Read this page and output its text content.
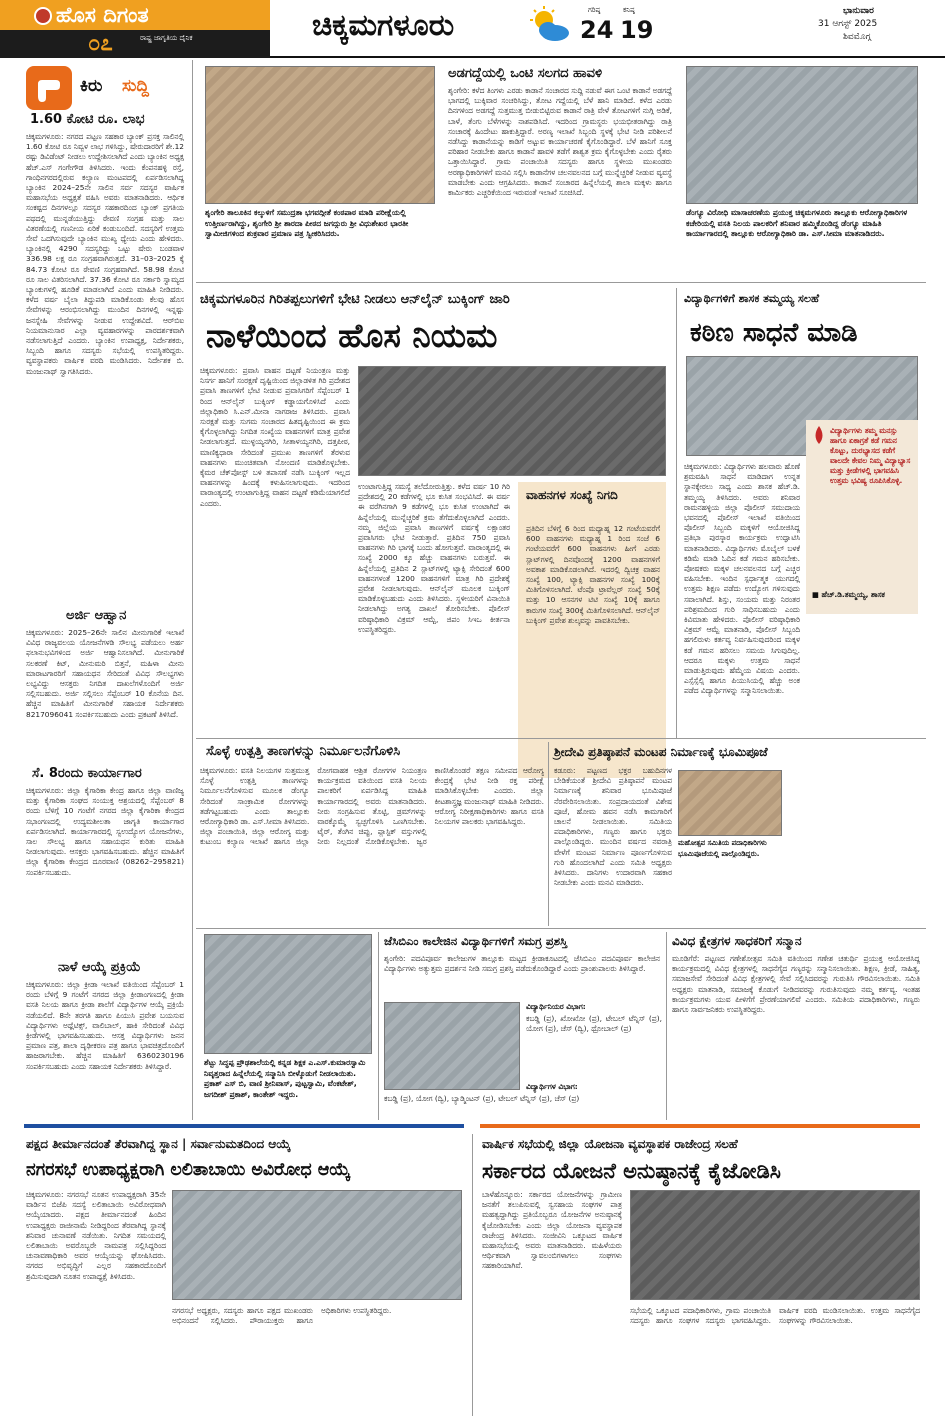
ಹೊಸ ದಿಗಂತ
ರಾಷ್ಟ್ರ ಜಾಗೃತಿಯ ದೈನಿಕ
೦೭
ಚಿಕ್ಕಮಗಳೂರು	ಗರಿಷ್ಠ
24
ಕನಿಷ್ಠ
19
ಭಾನುವಾರ
31 ಆಗಸ್ಟ್ 2025
ಶಿವಮೊಗ್ಗ
ಕಿರು ಸುದ್ದಿ
1.60 ಕೋಟಿ ರೂ. ಲಾಭ
ಚಿಕ್ಕಮಗಳೂರು: ನಗರದ ಪಟ್ಟಣ ಸಹಕಾರ ಬ್ಯಾಂಕ್ ಪ್ರಸಕ್ತ ಸಾಲಿನಲ್ಲಿ 1.60 ಕೋಟಿ ರೂ ನಿವ್ವಳ ಲಾಭ ಗಳಿಸಿದ್ದು, ಷೇರುದಾರರಿಗೆ ಶೇ.12 ರಷ್ಟು ಡಿವಿಡೆಂಟ್ ನೀಡಲು ಉದ್ದೇಶಿಸಲಾಗಿದೆ ಎಂದು ಬ್ಯಾಂಕಿನ ಅಧ್ಯಕ್ಷ ಹೆಚ್.ಎಸ್ ಗಂಗೇಗೌಡ ತಿಳಿಸಿದರು. ಇಂದು ಕೆಂಪನಹಳ್ಳಿ ರಸ್ತೆ, ಗಾಂಧಿನಗರದಲ್ಲಿರುವ ಕಲ್ಯಾಣ ಮಂಟಪದಲ್ಲಿ ಏರ್ಪಡಿಸಲಾಗಿದ್ದ ಬ್ಯಾಂಕಿನ 2024–25ನೇ ಸಾಲಿನ ಸರ್ವ ಸದಸ್ಯರ ವಾರ್ಷಿಕ ಮಹಾಸಭೆಯ ಅಧ್ಯಕ್ಷತೆ ವಹಿಸಿ ಅವರು ಮಾತನಾಡಿದರು. ಆರ್ಥಿಕ ಸಂಕಷ್ಟದ ದಿನಗಳಲ್ಲೂ ಸದಸ್ಯರ ಸಹಕಾರದಿಂದ ಬ್ಯಾಂಕ್ ಪ್ರಗತಿಯ ಪಥದಲ್ಲಿ ಮುನ್ನಡೆಯುತ್ತಿದ್ದು ಠೇವಣಿ ಸಂಗ್ರಹ ಮತ್ತು ಸಾಲ ವಿತರಣೆಯಲ್ಲಿ ಗಣನೀಯ ಏರಿಕೆ ಕಂಡುಬಂದಿದೆ. ಸದಸ್ಯರಿಗೆ ಉತ್ತಮ ಸೇವೆ ಒದಗಿಸುವುದೇ ಬ್ಯಾಂಕಿನ ಮುಖ್ಯ ಧ್ಯೇಯ ಎಂದು ಹೇಳಿದರು. ಬ್ಯಾಂಕಿನಲ್ಲಿ 4290 ಸದಸ್ಯರಿದ್ದು ಒಟ್ಟು ಷೇರು ಬಂಡವಾಳ 336.98 ಲಕ್ಷ ರೂ ಸಂಗ್ರಹವಾಗಿರುತ್ತದೆ. 31–03–2025 ಕ್ಕೆ 84.73 ಕೋಟಿ ರೂ ಠೇವಣಿ ಸಂಗ್ರಹವಾಗಿದೆ. 58.98 ಕೋಟಿ ರೂ ಸಾಲ ವಿತರಿಸಲಾಗಿದೆ. 37.36 ಕೋಟಿ ರೂ ಸರ್ಕಾರಿ ಸ್ವಾಮ್ಯದ ಬ್ಯಾಂಕುಗಳಲ್ಲಿ ಹೂಡಿಕೆ ಮಾಡಲಾಗಿದೆ ಎಂದು ಮಾಹಿತಿ ನೀಡಿದರು. ಕಳೆದ ವರ್ಷ ಬೈಲಾ ತಿದ್ದುಪಡಿ ಮಾಡಿಕೊಂಡು ಕೆಲವು ಹೊಸ ಸೇವೆಗಳನ್ನು ಆರಂಭಿಸಲಾಗಿದ್ದು ಮುಂದಿನ ದಿನಗಳಲ್ಲಿ ಇನ್ನಷ್ಟು ಜನಸ್ನೇಹಿ ಸೇವೆಗಳನ್ನು ನೀಡುವ ಉದ್ದೇಶವಿದೆ. ಆರ್‌ಬಿಐ ನಿಯಮಾನುಸಾರ ಎಲ್ಲಾ ವ್ಯವಹಾರಗಳನ್ನು ಪಾರದರ್ಶಕವಾಗಿ ನಡೆಸಲಾಗುತ್ತಿದೆ ಎಂದರು. ಬ್ಯಾಂಕಿನ ಉಪಾಧ್ಯಕ್ಷ, ನಿರ್ದೇಶಕರು, ಸಿಬ್ಬಂದಿ ಹಾಗೂ ಸದಸ್ಯರು ಸಭೆಯಲ್ಲಿ ಉಪಸ್ಥಿತರಿದ್ದರು. ವ್ಯವಸ್ಥಾಪಕರು ವಾರ್ಷಿಕ ವರದಿ ಮಂಡಿಸಿದರು. ನಿರ್ದೇಶಕ ಬಿ. ಮಂಜುನಾಥ್ ಸ್ವಾಗತಿಸಿದರು.
ಅರ್ಜಿ ಆಹ್ವಾನ
ಚಿಕ್ಕಮಗಳೂರು: 2025–26ನೇ ಸಾಲಿನ ಮೀನುಗಾರಿಕೆ ಇಲಾಖೆ ವಿವಿಧ ರಾಜ್ಯವಲಯ ಯೋಜನೆಗಳಡಿ ಸೌಲಭ್ಯ ಪಡೆಯಲು ಅರ್ಹ ಫಲಾನುಭವಿಗಳಿಂದ ಅರ್ಜಿ ಆಹ್ವಾನಿಸಲಾಗಿದೆ. ಮೀನುಗಾರಿಕೆ ಸಲಕರಣೆ ಕಿಟ್, ಮೀನುಮರಿ ಬಿತ್ತನೆ, ಮಹಿಳಾ ಮೀನು ಮಾರಾಟಗಾರರಿಗೆ ಸಹಾಯಧನ ಸೇರಿದಂತೆ ವಿವಿಧ ಸೌಲಭ್ಯಗಳು ಲಭ್ಯವಿದ್ದು ಆಸಕ್ತರು ನಿಗದಿತ ದಾಖಲೆಗಳೊಂದಿಗೆ ಅರ್ಜಿ ಸಲ್ಲಿಸಬಹುದು. ಅರ್ಜಿ ಸಲ್ಲಿಸಲು ಸೆಪ್ಟೆಂಬರ್ 10 ಕೊನೆಯ ದಿನ. ಹೆಚ್ಚಿನ ಮಾಹಿತಿಗೆ ಮೀನುಗಾರಿಕೆ ಸಹಾಯಕ ನಿರ್ದೇಶಕರು 8217096041 ಸಂಪರ್ಕಿಸಬಹುದು ಎಂದು ಪ್ರಕಟಣೆ ತಿಳಿಸಿದೆ.
ಸೆ. 8ರಂದು ಕಾರ್ಯಾಗಾರ
ಚಿಕ್ಕಮಗಳೂರು: ಜಿಲ್ಲಾ ಕೈಗಾರಿಕಾ ಕೇಂದ್ರ ಹಾಗೂ ಜಿಲ್ಲಾ ವಾಣಿಜ್ಯ ಮತ್ತು ಕೈಗಾರಿಕಾ ಸಂಘದ ಸಂಯುಕ್ತ ಆಶ್ರಯದಲ್ಲಿ ಸೆಪ್ಟೆಂಬರ್ 8 ರಂದು ಬೆಳಿಗ್ಗೆ 10 ಗಂಟೆಗೆ ನಗರದ ಜಿಲ್ಲಾ ಕೈಗಾರಿಕಾ ಕೇಂದ್ರದ ಸಭಾಂಗಣದಲ್ಲಿ ಉದ್ಯಮಶೀಲತಾ ಜಾಗೃತಿ ಕಾರ್ಯಾಗಾರ ಏರ್ಪಡಿಸಲಾಗಿದೆ. ಕಾರ್ಯಾಗಾರದಲ್ಲಿ ಸ್ವಉದ್ಯೋಗ ಯೋಜನೆಗಳು, ಸಾಲ ಸೌಲಭ್ಯ ಹಾಗೂ ಸಹಾಯಧನ ಕುರಿತು ಮಾಹಿತಿ ನೀಡಲಾಗುವುದು. ಆಸಕ್ತರು ಭಾಗವಹಿಸಬಹುದು. ಹೆಚ್ಚಿನ ಮಾಹಿತಿಗೆ ಜಿಲ್ಲಾ ಕೈಗಾರಿಕಾ ಕೇಂದ್ರದ ದೂರವಾಣಿ (08262–295821) ಸಂಪರ್ಕಿಸಬಹುದು.
ನಾಳೆ ಆಯ್ಕೆ ಪ್ರಕ್ರಿಯೆ
ಚಿಕ್ಕಮಗಳೂರು: ಜಿಲ್ಲಾ ಕ್ರೀಡಾ ಇಲಾಖೆ ವತಿಯಿಂದ ಸೆಪ್ಟೆಂಬರ್ 1 ರಂದು ಬೆಳಿಗ್ಗೆ 9 ಗಂಟೆಗೆ ನಗರದ ಜಿಲ್ಲಾ ಕ್ರೀಡಾಂಗಣದಲ್ಲಿ ಕ್ರೀಡಾ ವಸತಿ ನಿಲಯ ಹಾಗೂ ಕ್ರೀಡಾ ಶಾಲೆಗೆ ವಿದ್ಯಾರ್ಥಿಗಳ ಆಯ್ಕೆ ಪ್ರಕ್ರಿಯೆ ನಡೆಯಲಿದೆ. 8ನೇ ತರಗತಿ ಹಾಗೂ ಪಿಯುಸಿ ಪ್ರವೇಶ ಬಯಸುವ ವಿದ್ಯಾರ್ಥಿಗಳು ಅಥ್ಲೆಟಿಕ್ಸ್, ವಾಲಿಬಾಲ್, ಹಾಕಿ ಸೇರಿದಂತೆ ವಿವಿಧ ಕ್ರೀಡೆಗಳಲ್ಲಿ ಭಾಗವಹಿಸಬಹುದು. ಆಸಕ್ತ ವಿದ್ಯಾರ್ಥಿಗಳು ಜನನ ಪ್ರಮಾಣ ಪತ್ರ, ಶಾಲಾ ದೃಢೀಕರಣ ಪತ್ರ ಹಾಗೂ ಭಾವಚಿತ್ರದೊಂದಿಗೆ ಹಾಜರಾಗಬೇಕು. ಹೆಚ್ಚಿನ ಮಾಹಿತಿಗೆ 6360230196 ಸಂಪರ್ಕಿಸಬಹುದು ಎಂದು ಸಹಾಯಕ ನಿರ್ದೇಶಕರು ತಿಳಿಸಿದ್ದಾರೆ.
ಶೃಂಗೇರಿ ತಾಲೂಕಿನ ಕಲ್ಕುಳಿಗೆ ಸಮುದ್ರತಾ ಭಗವದ್ಗೀತೆ ಕಂಠಪಾಠ ಮಾಡಿ ಪರೀಕ್ಷೆಯಲ್ಲಿ ಉತ್ತೀರ್ಣರಾಗಿದ್ದು, ಶೃಂಗೇರಿ ಶ್ರೀ ಶಾರದಾ ಪೀಠದ ಜಗದ್ಗುರು ಶ್ರೀ ವಿಧುಶೇಖರ ಭಾರತೀ ಸ್ವಾಮೀಜಿಗಳಿಂದ ಶುಕ್ರವಾರ ಪ್ರಮಾಣ ಪತ್ರ ಸ್ವೀಕರಿಸಿದರು.
ಅಡಗದ್ದೆಯಲ್ಲಿ ಒಂಟಿ ಸಲಗದ ಹಾವಳಿ
ಶೃಂಗೇರಿ: ಕಳೆದ ತಿಂಗಳು ಎರಡು ಕಾಡಾನೆ ಸಂಚಾರದ ಸುದ್ದಿ ನಡುವೆ ಈಗ ಒಂಟಿ ಕಾಡಾನೆ ಅಡಗದ್ದೆ ಭಾಗದಲ್ಲಿ ಬುಕ್ಕಿವಾರ ಸಂಚರಿಸಿದ್ದು, ತೋಟ ಗದ್ದೆಯಲ್ಲಿ ಬೆಳೆ ಹಾನಿ ಮಾಡಿದೆ. ಕಳೆದ ಎರಡು ದಿನಗಳಿಂದ ಅಡಗದ್ದೆ ಸುತ್ತಮುತ್ತ ಬೀಡುಬಿಟ್ಟಿರುವ ಕಾಡಾನೆ ರಾತ್ರಿ ವೇಳೆ ತೋಟಗಳಿಗೆ ನುಗ್ಗಿ ಅಡಿಕೆ, ಬಾಳೆ, ತೆಂಗು ಬೆಳೆಗಳನ್ನು ನಾಶಪಡಿಸಿದೆ. ಇದರಿಂದ ಗ್ರಾಮಸ್ಥರು ಭಯಭೀತರಾಗಿದ್ದು ರಾತ್ರಿ ಸಂಚಾರಕ್ಕೆ ಹಿಂದೇಟು ಹಾಕುತ್ತಿದ್ದಾರೆ. ಅರಣ್ಯ ಇಲಾಖೆ ಸಿಬ್ಬಂದಿ ಸ್ಥಳಕ್ಕೆ ಭೇಟಿ ನೀಡಿ ಪರಿಶೀಲನೆ ನಡೆಸಿದ್ದು ಕಾಡಾನೆಯನ್ನು ಕಾಡಿಗೆ ಅಟ್ಟುವ ಕಾರ್ಯಾಚರಣೆ ಕೈಗೊಂಡಿದ್ದಾರೆ. ಬೆಳೆ ಹಾನಿಗೆ ಸೂಕ್ತ ಪರಿಹಾರ ನೀಡಬೇಕು ಹಾಗೂ ಕಾಡಾನೆ ಹಾವಳಿ ತಡೆಗೆ ಶಾಶ್ವತ ಕ್ರಮ ಕೈಗೊಳ್ಳಬೇಕು ಎಂದು ರೈತರು ಒತ್ತಾಯಿಸಿದ್ದಾರೆ. ಗ್ರಾಮ ಪಂಚಾಯಿತಿ ಸದಸ್ಯರು ಹಾಗೂ ಸ್ಥಳೀಯ ಮುಖಂಡರು ಅರಣ್ಯಾಧಿಕಾರಿಗಳಿಗೆ ಮನವಿ ಸಲ್ಲಿಸಿ ಕಾಡಾನೆಗಳ ಚಲನವಲನದ ಬಗ್ಗೆ ಮುನ್ನೆಚ್ಚರಿಕೆ ನೀಡುವ ವ್ಯವಸ್ಥೆ ಮಾಡಬೇಕು ಎಂದು ಆಗ್ರಹಿಸಿದರು. ಕಾಡಾನೆ ಸಂಚಾರದ ಹಿನ್ನೆಲೆಯಲ್ಲಿ ಶಾಲಾ ಮಕ್ಕಳು ಹಾಗೂ ಕಾರ್ಮಿಕರು ಎಚ್ಚರಿಕೆಯಿಂದ ಇರುವಂತೆ ಇಲಾಖೆ ಸೂಚಿಸಿದೆ.
ಡೆಂಗ್ಯೂ ವಿರೋಧಿ ಮಾಸಾಚರಣೆಯ ಪ್ರಯುಕ್ತ ಚಿಕ್ಕಮಗಳೂರು ತಾಲ್ಲೂಕು ಆರೋಗ್ಯಾಧಿಕಾರಿಗಳ ಕಚೇರಿಯಲ್ಲಿ ವಸತಿ ನಿಲಯ ಪಾಲಕರಿಗೆ ಶನಿವಾರ ಹಮ್ಮಿಕೊಂಡಿದ್ದ ಡೆಂಗ್ಯೂ ಮಾಹಿತಿ ಕಾರ್ಯಾಗಾರದಲ್ಲಿ ತಾಲ್ಲೂಕು ಆರೋಗ್ಯಾಧಿಕಾರಿ ಡಾ. ಎಸ್.ಸೀಮಾ ಮಾತನಾಡಿದರು.
ಚಿಕ್ಕಮಗಳೂರಿನ ಗಿರಿತಪ್ಪಲುಗಳಿಗೆ ಭೇಟಿ ನೀಡಲು ಆನ್‌ಲೈನ್ ಬುಕ್ಕಿಂಗ್ ಜಾರಿ
ನಾಳೆಯಿಂದ ಹೊಸ ನಿಯಮ
ಚಿಕ್ಕಮಗಳೂರು: ಪ್ರವಾಸಿ ವಾಹನ ದಟ್ಟಣೆ ನಿಯಂತ್ರಣ ಮತ್ತು ನಿಸರ್ಗ ಹಾನಿಗೆ ಸಂರಕ್ಷಣೆ ದೃಷ್ಟಿಯಿಂದ ಜಿಲ್ಲಾಡಳಿತ ಗಿರಿ ಪ್ರದೇಶದ ಪ್ರವಾಸಿ ತಾಣಗಳಿಗೆ ಭೇಟಿ ನೀಡುವ ಪ್ರವಾಸಿಗರಿಗೆ ಸೆಪ್ಟೆಂಬರ್ 1 ರಿಂದ ಆನ್‌ಲೈನ್ ಬುಕ್ಕಿಂಗ್ ಕಡ್ಡಾಯಗೊಳಿಸಿದೆ ಎಂದು ಜಿಲ್ಲಾಧಿಕಾರಿ ಸಿ.ಎನ್.ಮೀನಾ ನಾಗರಾಜ ತಿಳಿಸಿದರು. ಪ್ರವಾಸಿ ಸುರಕ್ಷತೆ ಮತ್ತು ಸುಗಮ ಸಂಚಾರದ ಹಿತದೃಷ್ಟಿಯಿಂದ ಈ ಕ್ರಮ ಕೈಗೊಳ್ಳಲಾಗಿದ್ದು ನಿಗದಿತ ಸಂಖ್ಯೆಯ ವಾಹನಗಳಿಗೆ ಮಾತ್ರ ಪ್ರವೇಶ ನೀಡಲಾಗುತ್ತದೆ. ಮುಳ್ಳಯ್ಯನಗಿರಿ, ಸೀತಾಳಯ್ಯನಗಿರಿ, ದತ್ತಪೀಠ, ಮಾಣಿಕ್ಯಧಾರಾ ಸೇರಿದಂತೆ ಪ್ರಮುಖ ತಾಣಗಳಿಗೆ ತೆರಳುವ ವಾಹನಗಳು ಮುಂಚಿತವಾಗಿ ನೋಂದಣಿ ಮಾಡಿಕೊಳ್ಳಬೇಕು. ಕೈಮರ ಚೆಕ್‌ಪೋಸ್ಟ್ ಬಳಿ ತಪಾಸಣೆ ನಡೆಸಿ ಬುಕ್ಕಿಂಗ್ ಇಲ್ಲದ ವಾಹನಗಳನ್ನು ಹಿಂದಕ್ಕೆ ಕಳುಹಿಸಲಾಗುವುದು. ಇದರಿಂದ ವಾರಾಂತ್ಯದಲ್ಲಿ ಉಂಟಾಗುತ್ತಿದ್ದ ವಾಹನ ದಟ್ಟಣೆ ಕಡಿಮೆಯಾಗಲಿದೆ ಎಂದರು.
ಉಂಟಾಗುತ್ತಿದ್ದ ಸಮಸ್ಯೆ ತಲೆದೋರುತ್ತಿತ್ತು. ಕಳೆದ ವರ್ಷ 10 ಗಿರಿ ಪ್ರದೇಶದಲ್ಲಿ 20 ಕಡೆಗಳಲ್ಲಿ ಭೂ ಕುಸಿತ ಸಂಭವಿಸಿದೆ. ಈ ವರ್ಷ ಈ ವರೆಗಿನಗಾಗಿ 9 ಕಡೆಗಳಲ್ಲಿ ಭೂ ಕುಸಿತ ಉಂಟಾಗಿದೆ ಈ ಹಿನ್ನೆಲೆಯಲ್ಲಿ ಮುನ್ನೆಚ್ಚರಿಕೆ ಕ್ರಮ ತೆಗೆದುಕೊಳ್ಳಲಾಗಿದೆ ಎಂದರು. ನಮ್ಮ ಜಿಲ್ಲೆಯ ಪ್ರವಾಸಿ ತಾಣಗಳಿಗೆ ವರ್ಷಕ್ಕೆ ಲಕ್ಷಾಂತರ ಪ್ರವಾಸಿಗರು ಭೇಟಿ ನೀಡುತ್ತಾರೆ. ಪ್ರತಿದಿನ 750 ಪ್ರವಾಸಿ ವಾಹನಗಳು ಗಿರಿ ಭಾಗಕ್ಕೆ ಬಂದು ಹೋಗುತ್ತವೆ. ವಾರಾಂತ್ಯದಲ್ಲಿ ಈ ಸಂಖ್ಯೆ 2000 ಕ್ಕೂ ಹೆಚ್ಚು ವಾಹನಗಳು ಬರುತ್ತವೆ. ಈ ಹಿನ್ನೆಲೆಯಲ್ಲಿ ಪ್ರತಿದಿನ 2 ಸ್ಲಾಟ್‌ಗಳಲ್ಲಿ ಟ್ಯಾಕ್ಸಿ ಸೇರಿದಂತೆ 600 ವಾಹನಗಳಂತೆ 1200 ವಾಹನಗಳಿಗೆ ಮಾತ್ರ ಗಿರಿ ಪ್ರದೇಶಕ್ಕೆ ಪ್ರವೇಶ ನೀಡಲಾಗುವುದು. ಆನ್‌ಲೈನ್ ಮೂಲಕ ಬುಕ್ಕಿಂಗ್ ಮಾಡಿಕೊಳ್ಳಬಹುದು ಎಂದು ತಿಳಿಸಿದರು. ಸ್ಥಳೀಯರಿಗೆ ವಿನಾಯಿತಿ ನೀಡಲಾಗಿದ್ದು ಅಗತ್ಯ ದಾಖಲೆ ತೋರಿಸಬೇಕು. ಪೊಲೀಸ್ ವರಿಷ್ಠಾಧಿಕಾರಿ ವಿಕ್ರಮ್ ಆಮ್ಟೆ, ಜಿಪಂ ಸಿಇಒ ಕೀರ್ತನಾ ಉಪಸ್ಥಿತರಿದ್ದರು.
ವಾಹನಗಳ ಸಂಖ್ಯೆ ನಿಗದಿ
ಪ್ರತಿದಿನ ಬೆಳಿಗ್ಗೆ 6 ರಿಂದ ಮಧ್ಯಾಹ್ನ 12 ಗಂಟೆಯವರೆಗೆ 600 ವಾಹನಗಳು ಮಧ್ಯಾಹ್ನ 1 ರಿಂದ ಸಂಜೆ 6 ಗಂಟೆಯವರೆಗೆ 600 ವಾಹನಗಳು ಹೀಗೆ ಎರಡು ಸ್ಲಾಟ್‌ಗಳಲ್ಲಿ ದಿನವೊಂದಕ್ಕೆ 1200 ವಾಹನಗಳಿಗೆ ಅವಕಾಶ ಮಾಡಿಕೊಡಲಾಗಿದೆ. ಇದರಲ್ಲಿ ದ್ವಿಚಕ್ರ ವಾಹನ ಸಂಖ್ಯೆ 100, ಟ್ಯಾಕ್ಸಿ ವಾಹನಗಳ ಸಂಖ್ಯೆ 100ಕ್ಕೆ ಮಿತಿಗೊಳಿಸಲಾಗಿದೆ. ಟೆಂಪೊ ಟ್ರಾವೆಲ್ಲರ್ ಸಂಖ್ಯೆ 50ಕ್ಕೆ ಮತ್ತು 10 ಆಸನಗಳ ಟಿಟಿ ಸಂಖ್ಯೆ 10ಕ್ಕೆ ಹಾಗೂ ಕಾರುಗಳ ಸಂಖ್ಯೆ 300ಕ್ಕೆ ಮಿತಿಗೊಳಿಸಲಾಗಿದೆ. ಆನ್‌ಲೈನ್ ಬುಕ್ಕಿಂಗ್ ಪ್ರವೇಶ ಶುಲ್ಕವನ್ನು ಪಾವತಿಸಬೇಕು.
ವಿದ್ಯಾರ್ಥಿಗಳಿಗೆ ಶಾಸಕ ತಮ್ಮಯ್ಯ ಸಲಹೆ
ಕಠಿಣ ಸಾಧನೆ ಮಾಡಿ
ಚಿಕ್ಕಮಗಳೂರು: ವಿದ್ಯಾರ್ಥಿಗಳು ಹಲವಾರು ಹೊಣೆ ಶ್ರಮವಹಿಸಿ ಸಾಧನೆ ಮಾಡಿದಾಗ ಉನ್ನತ ಸ್ಥಾನಕ್ಕೇರಲು ಸಾಧ್ಯ ಎಂದು ಶಾಸಕ ಹೆಚ್.ಡಿ. ತಮ್ಮಯ್ಯ ತಿಳಿಸಿದರು. ಅವರು ಶನಿವಾರ ರಾಮನಹಳ್ಳಿಯ ಜಿಲ್ಲಾ ಪೊಲೀಸ್ ಸಮುದಾಯ ಭವನದಲ್ಲಿ ಪೊಲೀಸ್ ಇಲಾಖೆ ವತಿಯಿಂದ ಪೊಲೀಸ್ ಸಿಬ್ಬಂದಿ ಮಕ್ಕಳಿಗೆ ಆಯೋಜಿಸಿದ್ದ ಪ್ರತಿಭಾ ಪುರಸ್ಕಾರ ಕಾರ್ಯಕ್ರಮ ಉದ್ಘಾಟಿಸಿ ಮಾತನಾಡಿದರು. ವಿದ್ಯಾರ್ಥಿಗಳು ಮೊಬೈಲ್ ಬಳಕೆ ಕಡಿಮೆ ಮಾಡಿ ಓದಿನ ಕಡೆ ಗಮನ ಹರಿಸಬೇಕು. ಪೋಷಕರು ಮಕ್ಕಳ ಚಲನವಲನದ ಬಗ್ಗೆ ಎಚ್ಚರ ವಹಿಸಬೇಕು. ಇಂದಿನ ಸ್ಪರ್ಧಾತ್ಮಕ ಯುಗದಲ್ಲಿ ಉತ್ತಮ ಶಿಕ್ಷಣ ಪಡೆದು ಉದ್ಯೋಗ ಗಳಿಸುವುದು ಸವಾಲಾಗಿದೆ. ಶಿಸ್ತು, ಸಂಯಮ ಮತ್ತು ನಿರಂತರ ಪರಿಶ್ರಮದಿಂದ ಗುರಿ ಸಾಧಿಸಬಹುದು ಎಂದು ಕಿವಿಮಾತು ಹೇಳಿದರು. ಪೊಲೀಸ್ ವರಿಷ್ಠಾಧಿಕಾರಿ ವಿಕ್ರಮ್ ಆಮ್ಟೆ ಮಾತನಾಡಿ, ಪೊಲೀಸ್ ಸಿಬ್ಬಂದಿ ಹಗಲಿರುಳು ಕರ್ತವ್ಯ ನಿರ್ವಹಿಸುವುದರಿಂದ ಮಕ್ಕಳ ಕಡೆ ಗಮನ ಹರಿಸಲು ಸಮಯ ಸಿಗುವುದಿಲ್ಲ. ಆದರೂ ಮಕ್ಕಳು ಉತ್ತಮ ಸಾಧನೆ ಮಾಡುತ್ತಿರುವುದು ಹೆಮ್ಮೆಯ ವಿಷಯ ಎಂದರು. ಎಸ್ಸೆಸ್ಸೆಲ್ಸಿ ಹಾಗೂ ಪಿಯುಸಿಯಲ್ಲಿ ಹೆಚ್ಚು ಅಂಕ ಪಡೆದ ವಿದ್ಯಾರ್ಥಿಗಳನ್ನು ಸನ್ಮಾನಿಸಲಾಯಿತು.
ವಿದ್ಯಾರ್ಥಿಗಳು ತಮ್ಮ ಮನಸ್ಸು ಹಾಗೂ ಏಕಾಗ್ರತೆ ಕಡೆ ಗಮನ ಕೊಟ್ಟು, ದುರಭ್ಯಾಸದ ಕಡೆಗೆ ವಾಲದೇ ಕೇವಲ ನಿಮ್ಮ ವಿದ್ಯಾಭ್ಯಾಸ ಮತ್ತು ಕ್ರೀಡೆಗಳಲ್ಲಿ ಭಾಗವಹಿಸಿ ಉತ್ತಮ ಭವಿಷ್ಯ ರೂಪಿಸಿಕೊಳ್ಳಿ.
■ ಹೆಚ್.ಡಿ.ತಮ್ಮಯ್ಯ, ಶಾಸಕ
ಸೊಳ್ಳೆ ಉತ್ಪತ್ತಿ ತಾಣಗಳನ್ನು ನಿರ್ಮೂಲನೆಗೊಳಿಸಿ
ಚಿಕ್ಕಮಗಳೂರು: ವಸತಿ ನಿಲಯಗಳ ಸುತ್ತಮುತ್ತ ಸೊಳ್ಳೆ ಉತ್ಪತ್ತಿ ತಾಣಗಳನ್ನು ನಿರ್ಮೂಲನೆಗೊಳಿಸುವ ಮೂಲಕ ಡೆಂಗ್ಯೂ ಸೇರಿದಂತೆ ಸಾಂಕ್ರಾಮಿಕ ರೋಗಗಳನ್ನು ತಡೆಗಟ್ಟಬಹುದು ಎಂದು ತಾಲ್ಲೂಕು ಆರೋಗ್ಯಾಧಿಕಾರಿ ಡಾ. ಎಸ್.ಸೀಮಾ ತಿಳಿಸಿದರು. ಜಿಲ್ಲಾ ಪಂಚಾಯಿತಿ, ಜಿಲ್ಲಾ ಆರೋಗ್ಯ ಮತ್ತು ಕುಟುಂಬ ಕಲ್ಯಾಣ ಇಲಾಖೆ ಹಾಗೂ ಜಿಲ್ಲಾ ರೋಗವಾಹಕ ಆಶ್ರಿತ ರೋಗಗಳ ನಿಯಂತ್ರಣ ಕಾರ್ಯಕ್ರಮದ ವತಿಯಿಂದ ವಸತಿ ನಿಲಯ ಪಾಲಕರಿಗೆ ಏರ್ಪಡಿಸಿದ್ದ ಮಾಹಿತಿ ಕಾರ್ಯಾಗಾರದಲ್ಲಿ ಅವರು ಮಾತನಾಡಿದರು. ನೀರು ಸಂಗ್ರಹಿಸುವ ತೊಟ್ಟಿ, ಡ್ರಮ್‌ಗಳನ್ನು ವಾರಕ್ಕೊಮ್ಮೆ ಸ್ವಚ್ಛಗೊಳಿಸಿ ಒಣಗಿಸಬೇಕು. ಟೈರ್, ತೆಂಗಿನ ಚಿಪ್ಪು, ಪ್ಲಾಸ್ಟಿಕ್ ವಸ್ತುಗಳಲ್ಲಿ ನೀರು ನಿಲ್ಲದಂತೆ ನೋಡಿಕೊಳ್ಳಬೇಕು. ಜ್ವರ ಕಾಣಿಸಿಕೊಂಡರೆ ತಕ್ಷಣ ಸಮೀಪದ ಆರೋಗ್ಯ ಕೇಂದ್ರಕ್ಕೆ ಭೇಟಿ ನೀಡಿ ರಕ್ತ ಪರೀಕ್ಷೆ ಮಾಡಿಸಿಕೊಳ್ಳಬೇಕು ಎಂದರು. ಜಿಲ್ಲಾ ಕೀಟಶಾಸ್ತ್ರಜ್ಞ ಮಂಜುನಾಥ್ ಮಾಹಿತಿ ನೀಡಿದರು. ಆರೋಗ್ಯ ನಿರೀಕ್ಷಣಾಧಿಕಾರಿಗಳು ಹಾಗೂ ವಸತಿ ನಿಲಯಗಳ ಪಾಲಕರು ಭಾಗವಹಿಸಿದ್ದರು.
ಶ್ರೀದೇವಿ ಪ್ರತಿಷ್ಠಾಪನೆ ಮಂಟಪ ನಿರ್ಮಾಣಕ್ಕೆ ಭೂಮಿಪೂಜೆ
ಕಡೂರು: ಪಟ್ಟಣದ ಭಕ್ತರ ಬಹುದಿನಗಳ ಬೇಡಿಕೆಯಂತೆ ಶ್ರೀದೇವಿ ಪ್ರತಿಷ್ಠಾಪನೆ ಮಂಟಪ ನಿರ್ಮಾಣಕ್ಕೆ ಶನಿವಾರ ಭೂಮಿಪೂಜೆ ನೆರವೇರಿಸಲಾಯಿತು. ಸಂಪ್ರದಾಯದಂತೆ ವಿಶೇಷ ಪೂಜೆ, ಹೋಮ ಹವನ ನಡೆಸಿ ಕಾಮಗಾರಿಗೆ ಚಾಲನೆ ನೀಡಲಾಯಿತು. ಸಮಿತಿಯ ಪದಾಧಿಕಾರಿಗಳು, ಗಣ್ಯರು ಹಾಗೂ ಭಕ್ತರು ಪಾಲ್ಗೊಂಡಿದ್ದರು. ಮುಂದಿನ ವರ್ಷದ ನವರಾತ್ರಿ ವೇಳೆಗೆ ಮಂಟಪ ನಿರ್ಮಾಣ ಪೂರ್ಣಗೊಳಿಸುವ ಗುರಿ ಹೊಂದಲಾಗಿದೆ ಎಂದು ಸಮಿತಿ ಅಧ್ಯಕ್ಷರು ತಿಳಿಸಿದರು. ದಾನಿಗಳು ಉದಾರವಾಗಿ ಸಹಕಾರ ನೀಡಬೇಕು ಎಂದು ಮನವಿ ಮಾಡಿದರು.
ಮಹೋತ್ಸವ ಸಮಿತಿಯ ಪದಾಧಿಕಾರಿಗಳು ಭೂಮಿಪೂಜೆಯಲ್ಲಿ ಪಾಲ್ಗೊಂಡಿದ್ದರು.
ಶೆಟ್ಟು ಸಿದ್ಧಪ್ಪ ಪ್ರೌಢಶಾಲೆಯಲ್ಲಿ ಕನ್ನಡ ಶಿಕ್ಷಕ ಎ.ಎಸ್.ಕುಮಾರಸ್ವಾಮಿ ನಿವೃತ್ತರಾದ ಹಿನ್ನೆಲೆಯಲ್ಲಿ ಸನ್ಮಾನಿಸಿ ಬೀಳ್ಕೊಡುಗೆ ನೀಡಲಾಯಿತು. ಪ್ರಕಾಶ್ ಎಸ್ ಬಿ, ವಾಣಿ ಶ್ರೀನಿವಾಸ್, ಪುಟ್ಟಸ್ವಾಮಿ, ವೆಂಕಟೇಶ್, ಜಗದೀಶ್ ಪ್ರಕಾಶ್, ಕಾಂತೇಶ್ ಇದ್ದರು.
ಜೆಸಿಬಿಎಂ ಕಾಲೇಜಿನ ವಿದ್ಯಾರ್ಥಿಗಳಿಗೆ ಸಮಗ್ರ ಪ್ರಶಸ್ತಿ
ಶೃಂಗೇರಿ: ಪದವಿಪೂರ್ವ ಕಾಲೇಜುಗಳ ತಾಲ್ಲೂಕು ಮಟ್ಟದ ಕ್ರೀಡಾಕೂಟದಲ್ಲಿ ಜೆಸಿಬಿಎಂ ಪದವಿಪೂರ್ವ ಕಾಲೇಜಿನ ವಿದ್ಯಾರ್ಥಿಗಳು ಅತ್ಯುತ್ತಮ ಪ್ರದರ್ಶನ ನೀಡಿ ಸಮಗ್ರ ಪ್ರಶಸ್ತಿ ಪಡೆದುಕೊಂಡಿದ್ದಾರೆ ಎಂದು ಪ್ರಾಂಶುಪಾಲರು ತಿಳಿಸಿದ್ದಾರೆ.
ವಿದ್ಯಾರ್ಥಿನಿಯರ ವಿಭಾಗ:
ಕಬಡ್ಡಿ (ಪ್ರ), ಖೋಖೋ (ಪ್ರ), ಟೇಬಲ್ ಟೆನ್ನಿಸ್ (ಪ್ರ), ಯೋಗ (ಪ್ರ), ಚೆಸ್ (ದ್ವಿ), ಥ್ರೋಬಾಲ್ (ಪ್ರ)
ವಿದ್ಯಾರ್ಥಿಗಳ ವಿಭಾಗ:
ಕಬಡ್ಡಿ (ಪ್ರ), ಯೋಗ (ದ್ವಿ), ಬ್ಯಾಡ್ಮಿಂಟನ್ (ಪ್ರ), ಟೇಬಲ್ ಟೆನ್ನಿಸ್ (ಪ್ರ), ಚೆಸ್ (ಪ್ರ)
ವಿವಿಧ ಕ್ಷೇತ್ರಗಳ ಸಾಧಕರಿಗೆ ಸನ್ಮಾನ
ಮೂಡಿಗೆರೆ: ಪಟ್ಟಣದ ಗಣೇಶೋತ್ಸವ ಸಮಿತಿ ವತಿಯಿಂದ ಗಣೇಶ ಚತುರ್ಥಿ ಪ್ರಯುಕ್ತ ಆಯೋಜಿಸಿದ್ದ ಕಾರ್ಯಕ್ರಮದಲ್ಲಿ ವಿವಿಧ ಕ್ಷೇತ್ರಗಳಲ್ಲಿ ಸಾಧನೆಗೈದ ಗಣ್ಯರನ್ನು ಸನ್ಮಾನಿಸಲಾಯಿತು. ಶಿಕ್ಷಣ, ಕ್ರೀಡೆ, ಸಾಹಿತ್ಯ, ಸಮಾಜಸೇವೆ ಸೇರಿದಂತೆ ವಿವಿಧ ಕ್ಷೇತ್ರಗಳಲ್ಲಿ ಸೇವೆ ಸಲ್ಲಿಸಿದವರನ್ನು ಗುರುತಿಸಿ ಗೌರವಿಸಲಾಯಿತು. ಸಮಿತಿ ಅಧ್ಯಕ್ಷರು ಮಾತನಾಡಿ, ಸಮಾಜಕ್ಕೆ ಕೊಡುಗೆ ನೀಡಿದವರನ್ನು ಗುರುತಿಸುವುದು ನಮ್ಮ ಕರ್ತವ್ಯ. ಇಂತಹ ಕಾರ್ಯಕ್ರಮಗಳು ಯುವ ಪೀಳಿಗೆಗೆ ಪ್ರೇರಣೆಯಾಗಲಿವೆ ಎಂದರು. ಸಮಿತಿಯ ಪದಾಧಿಕಾರಿಗಳು, ಗಣ್ಯರು ಹಾಗೂ ಸಾರ್ವಜನಿಕರು ಉಪಸ್ಥಿತರಿದ್ದರು.
ಪಕ್ಷದ ತೀರ್ಮಾನದಂತೆ ತೆರವಾಗಿದ್ದ ಸ್ಥಾನ | ಸರ್ವಾನುಮತದಿಂದ ಆಯ್ಕೆ
ನಗರಸಭೆ ಉಪಾಧ್ಯಕ್ಷರಾಗಿ ಲಲಿತಾಬಾಯಿ ಅವಿರೋಧ ಆಯ್ಕೆ
ಚಿಕ್ಕಮಗಳೂರು: ನಗರಸಭೆ ನೂತನ ಉಪಾಧ್ಯಕ್ಷರಾಗಿ 35ನೇ ವಾರ್ಡಿನ ಬಿಜೆಪಿ ಸದಸ್ಯೆ ಲಲಿತಾಬಾಯಿ ಅವಿರೋಧವಾಗಿ ಆಯ್ಕೆಯಾದರು. ಪಕ್ಷದ ತೀರ್ಮಾನದಂತೆ ಹಿಂದಿನ ಉಪಾಧ್ಯಕ್ಷರು ರಾಜೀನಾಮೆ ನೀಡಿದ್ದರಿಂದ ತೆರವಾಗಿದ್ದ ಸ್ಥಾನಕ್ಕೆ ಶನಿವಾರ ಚುನಾವಣೆ ನಡೆಯಿತು. ನಿಗದಿತ ಸಮಯದಲ್ಲಿ ಲಲಿತಾಬಾಯಿ ಅವರೊಬ್ಬರೇ ನಾಮಪತ್ರ ಸಲ್ಲಿಸಿದ್ದರಿಂದ ಚುನಾವಣಾಧಿಕಾರಿ ಅವರ ಆಯ್ಕೆಯನ್ನು ಘೋಷಿಸಿದರು. ನಗರದ ಅಭಿವೃದ್ಧಿಗೆ ಎಲ್ಲರ ಸಹಕಾರದೊಂದಿಗೆ ಶ್ರಮಿಸುವುದಾಗಿ ನೂತನ ಉಪಾಧ್ಯಕ್ಷೆ ತಿಳಿಸಿದರು.
ನಗರಸಭೆ ಅಧ್ಯಕ್ಷರು, ಸದಸ್ಯರು ಹಾಗೂ ಪಕ್ಷದ ಮುಖಂಡರು ಅಭಿನಂದನೆ ಸಲ್ಲಿಸಿದರು. ಪೌರಾಯುಕ್ತರು ಹಾಗೂ ಅಧಿಕಾರಿಗಳು ಉಪಸ್ಥಿತರಿದ್ದರು.
ವಾರ್ಷಿಕ ಸಭೆಯಲ್ಲಿ ಜಿಲ್ಲಾ ಯೋಜನಾ ವ್ಯವಸ್ಥಾಪಕ ರಾಜೇಂದ್ರ ಸಲಹೆ
ಸರ್ಕಾರದ ಯೋಜನೆ ಅನುಷ್ಠಾನಕ್ಕೆ ಕೈಜೋಡಿಸಿ
ಬಾಳೆಹೊನ್ನೂರು: ಸರ್ಕಾರದ ಯೋಜನೆಗಳನ್ನು ಗ್ರಾಮೀಣ ಜನತೆಗೆ ತಲುಪಿಸುವಲ್ಲಿ ಸ್ವಸಹಾಯ ಸಂಘಗಳ ಪಾತ್ರ ಮಹತ್ವದ್ದಾಗಿದ್ದು ಪ್ರತಿಯೊಬ್ಬರೂ ಯೋಜನೆಗಳ ಅನುಷ್ಠಾನಕ್ಕೆ ಕೈಜೋಡಿಸಬೇಕು ಎಂದು ಜಿಲ್ಲಾ ಯೋಜನಾ ವ್ಯವಸ್ಥಾಪಕ ರಾಜೇಂದ್ರ ತಿಳಿಸಿದರು. ಸಂಜೀವಿನಿ ಒಕ್ಕೂಟದ ವಾರ್ಷಿಕ ಮಹಾಸಭೆಯಲ್ಲಿ ಅವರು ಮಾತನಾಡಿದರು. ಮಹಿಳೆಯರು ಆರ್ಥಿಕವಾಗಿ ಸ್ವಾವಲಂಬಿಗಳಾಗಲು ಸಂಘಗಳು ಸಹಕಾರಿಯಾಗಿವೆ.
ಸಭೆಯಲ್ಲಿ ಒಕ್ಕೂಟದ ಪದಾಧಿಕಾರಿಗಳು, ಗ್ರಾಮ ಪಂಚಾಯಿತಿ ಸದಸ್ಯರು ಹಾಗೂ ಸಂಘಗಳ ಸದಸ್ಯರು ಭಾಗವಹಿಸಿದ್ದರು. ವಾರ್ಷಿಕ ವರದಿ ಮಂಡಿಸಲಾಯಿತು. ಉತ್ತಮ ಸಾಧನೆಗೈದ ಸಂಘಗಳನ್ನು ಗೌರವಿಸಲಾಯಿತು.
